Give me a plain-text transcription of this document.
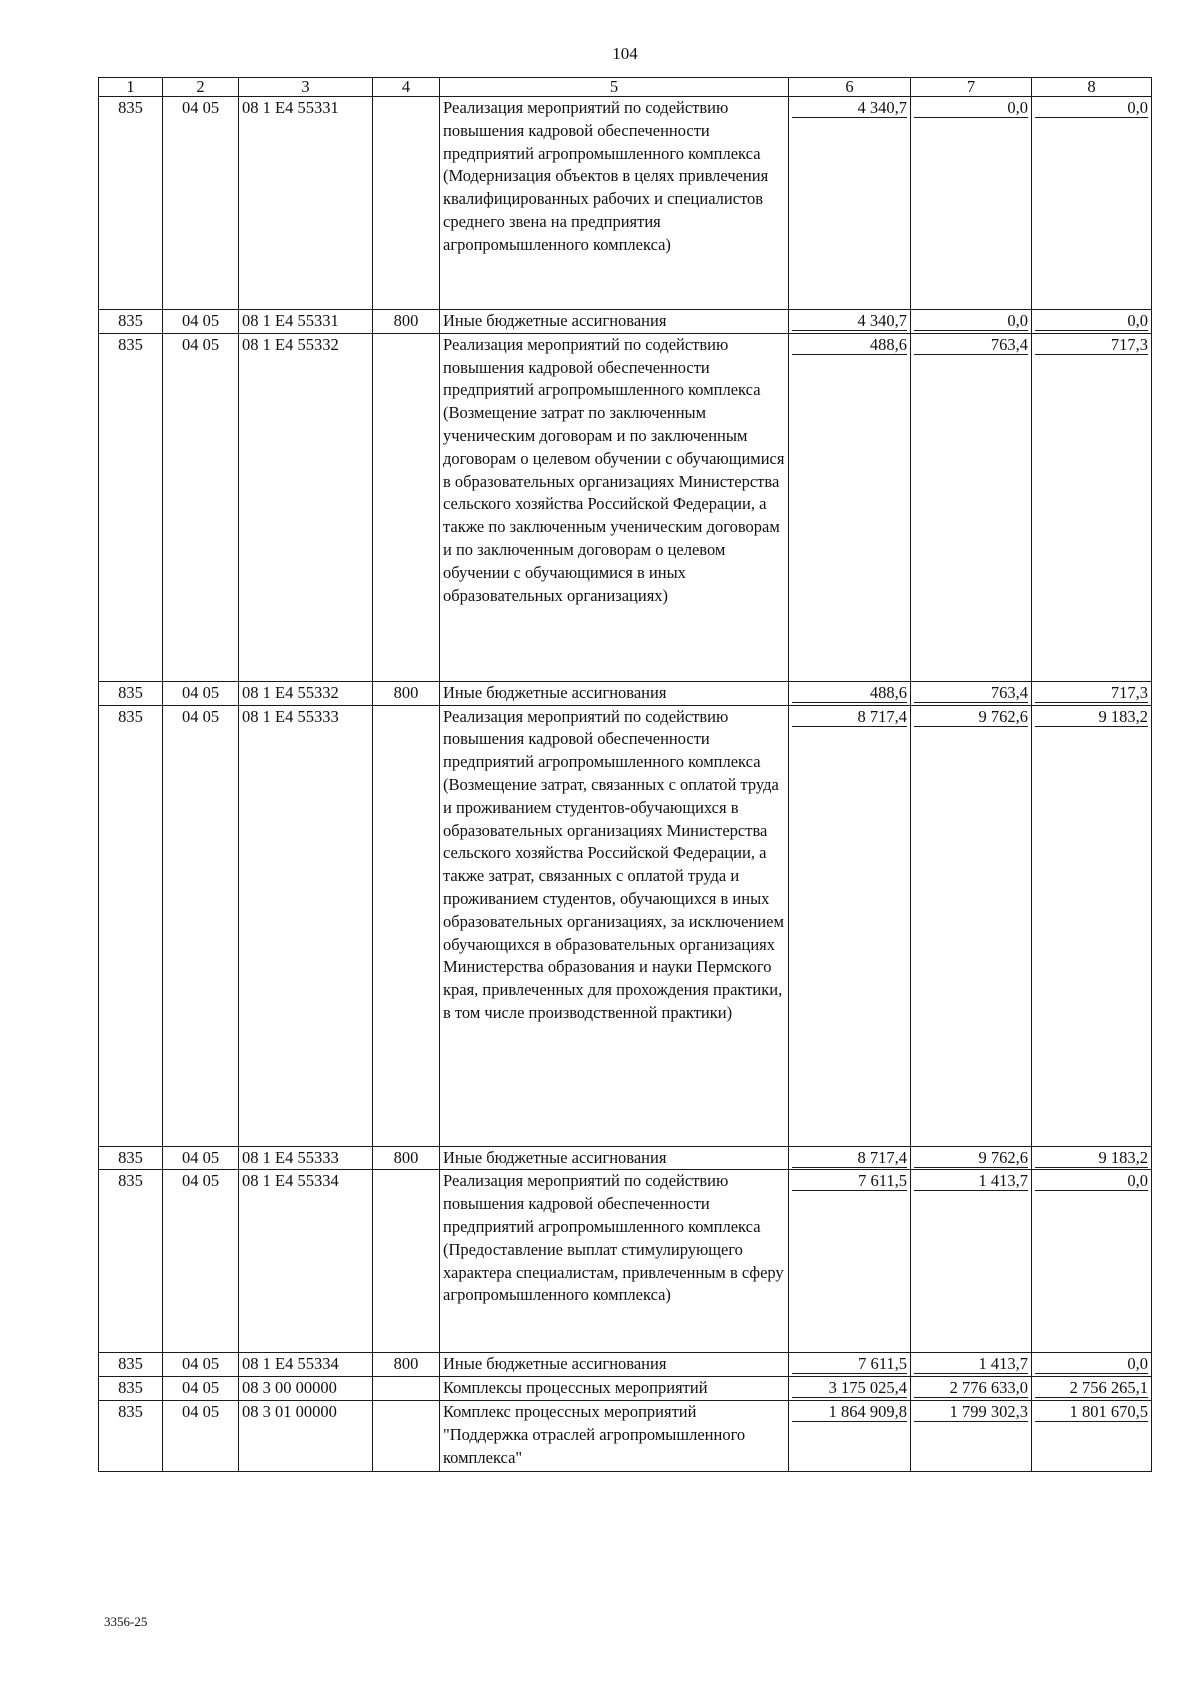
104
1	2	3	4	5	6	7	8
835	04 05	08 1 E4 55331		Реализация мероприятий по содействию повышения кадровой обеспеченности предприятий агропромышленного комплекса (Модернизация объектов в целях привлечения квалифицированных рабочих и специалистов среднего звена на предприятия агропромышленного комплекса)	4 340,7	0,0	0,0
835	04 05	08 1 E4 55331	800	Иные бюджетные ассигнования	4 340,7	0,0	0,0
835	04 05	08 1 E4 55332		Реализация мероприятий по содействию повышения кадровой обеспеченности предприятий агропромышленного комплекса (Возмещение затрат по заключенным ученическим договорам и по заключенным договорам о целевом обучении с обучающимися в образовательных организациях Министерства сельского хозяйства Российской Федерации, а также по заключенным ученическим договорам и по заключенным договорам о целевом обучении с обучающимися в иных образовательных организациях)	488,6	763,4	717,3
835	04 05	08 1 E4 55332	800	Иные бюджетные ассигнования	488,6	763,4	717,3
835	04 05	08 1 E4 55333		Реализация мероприятий по содействию повышения кадровой обеспеченности предприятий агропромышленного комплекса (Возмещение затрат, связанных с оплатой труда и проживанием студентов-обучающихся в образовательных организациях Министерства сельского хозяйства Российской Федерации, а также затрат, связанных с оплатой труда и проживанием студентов, обучающихся в иных образовательных организациях, за исключением обучающихся в образовательных организациях Министерства образования и науки Пермского края, привлеченных для прохождения практики, в том числе производственной практики)	8 717,4	9 762,6	9 183,2
835	04 05	08 1 E4 55333	800	Иные бюджетные ассигнования	8 717,4	9 762,6	9 183,2
835	04 05	08 1 E4 55334		Реализация мероприятий по содействию повышения кадровой обеспеченности предприятий агропромышленного комплекса (Предоставление выплат стимулирующего характера специалистам, привлеченным в сферу агропромышленного комплекса)	7 611,5	1 413,7	0,0
835	04 05	08 1 E4 55334	800	Иные бюджетные ассигнования	7 611,5	1 413,7	0,0
835	04 05	08 3 00 00000		Комплексы процессных мероприятий	3 175 025,4	2 776 633,0	2 756 265,1
835	04 05	08 3 01 00000		Комплекс процессных мероприятий "Поддержка отраслей агропромышленного комплекса"	1 864 909,8	1 799 302,3	1 801 670,5
3356-25
